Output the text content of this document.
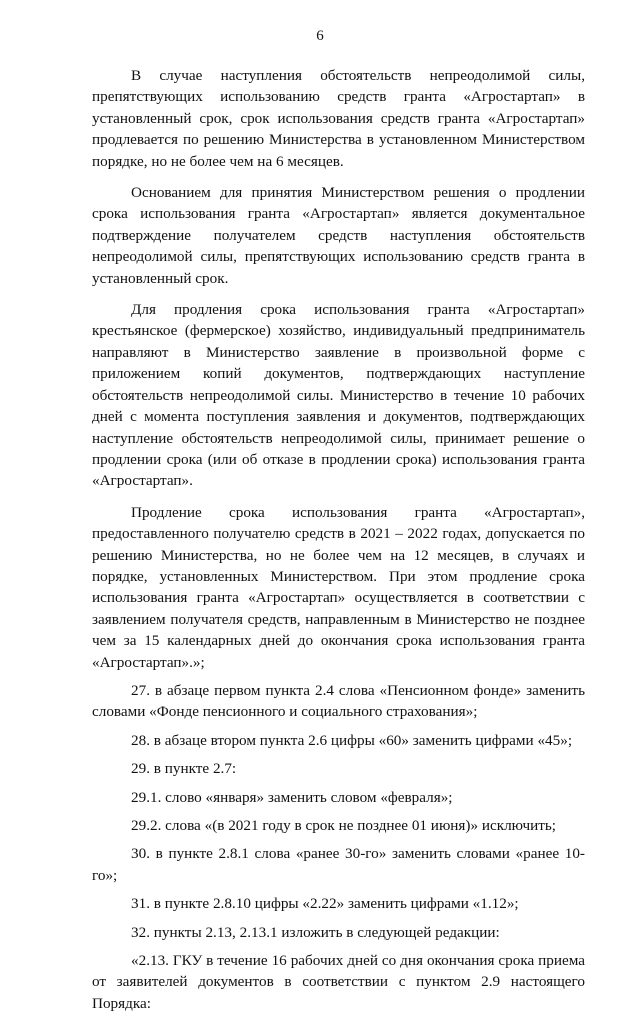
6

В случае наступления обстоятельств непреодолимой силы, препятствующих использованию средств гранта «Агростартап» в установленный срок, срок использования средств гранта «Агростартап» продлевается по решению Министерства в установленном Министерством порядке, но не более чем на 6 месяцев.

Основанием для принятия Министерством решения о продлении срока использования гранта «Агростартап» является документальное подтверждение получателем средств наступления обстоятельств непреодолимой силы, препятствующих использованию средств гранта в установленный срок.

Для продления срока использования гранта «Агростартап» крестьянское (фермерское) хозяйство, индивидуальный предприниматель направляют в Министерство заявление в произвольной форме с приложением копий документов, подтверждающих наступление обстоятельств непреодолимой силы. Министерство в течение 10 рабочих дней с момента поступления заявления и документов, подтверждающих наступление обстоятельств непреодолимой силы, принимает решение о продлении срока (или об отказе в продлении срока) использования гранта «Агростартап».

Продление срока использования гранта «Агростартап», предоставленного получателю средств в 2021 – 2022 годах, допускается по решению Министерства, но не более чем на 12 месяцев, в случаях и порядке, установленных Министерством. При этом продление срока использования гранта «Агростартап» осуществляется в соответствии с заявлением получателя средств, направленным в Министерство не позднее чем за 15 календарных дней до окончания срока использования гранта «Агростартап».»;

27. в абзаце первом пункта 2.4 слова «Пенсионном фонде» заменить словами «Фонде пенсионного и социального страхования»;

28. в абзаце втором пункта 2.6 цифры «60» заменить цифрами «45»;

29. в пункте 2.7:

29.1. слово «января» заменить словом «февраля»;

29.2. слова «(в 2021 году в срок не позднее 01 июня)» исключить;

30. в пункте 2.8.1 слова «ранее 30-го» заменить словами «ранее 10-го»;

31. в пункте 2.8.10 цифры «2.22» заменить цифрами «1.12»;

32. пункты 2.13, 2.13.1 изложить в следующей редакции:

«2.13. ГКУ в течение 16 рабочих дней со дня окончания срока приема от заявителей документов в соответствии с пунктом 2.9 настоящего Порядка:
